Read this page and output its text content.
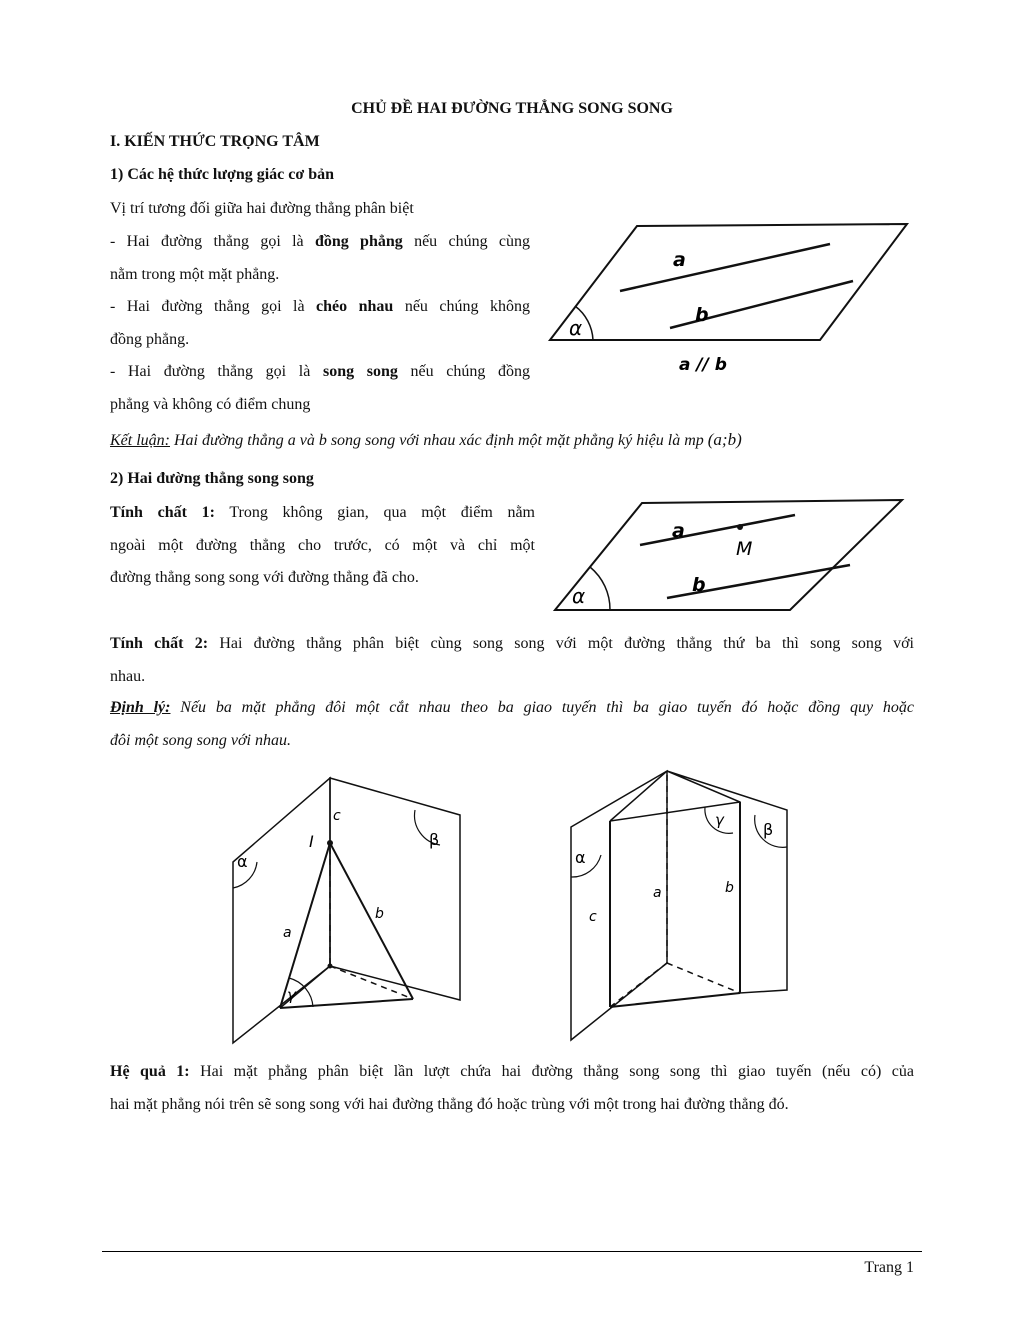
CHỦ ĐỀ HAI ĐƯỜNG THẲNG SONG SONG
I. KIẾN THỨC TRỌNG TÂM
1) Các hệ thức lượng giác cơ bản
Vị trí tương đối giữa hai đường thẳng phân biệt
- Hai đường thẳng gọi là đồng phẳng nếu chúng cùng
nằm trong một mặt phẳng.
- Hai đường thẳng gọi là chéo nhau nếu chúng không
đồng phẳng.
- Hai đường thẳng gọi là song song nếu chúng đồng
phẳng và không có điểm chung
a
b
α
a // b
Kết luận: Hai đường thẳng a và b song song với nhau xác định một mặt phẳng ký hiệu là mp (a;b)
2) Hai đường thẳng song song
Tính chất 1: Trong không gian, qua một điểm nằm
ngoài một đường thẳng cho trước, có một và chỉ một
đường thẳng song song với đường thẳng đã cho.
a
M
b
α
Tính chất 2: Hai đường thẳng phân biệt cùng song song với một đường thẳng thứ ba thì song song với
nhau.
Định lý: Nếu ba mặt phẳng đôi một cắt nhau theo ba giao tuyến thì ba giao tuyến đó hoặc đồng quy hoặc
đôi một song song với nhau.
c
I
a
b
α
β
γ
a	b
c
α
β
γ
Hệ quả 1: Hai mặt phẳng phân biệt lần lượt chứa hai đường thẳng song song thì giao tuyến (nếu có) của
hai mặt phẳng nói trên sẽ song song với hai đường thẳng đó hoặc trùng với một trong hai đường thẳng đó.
Trang 1
